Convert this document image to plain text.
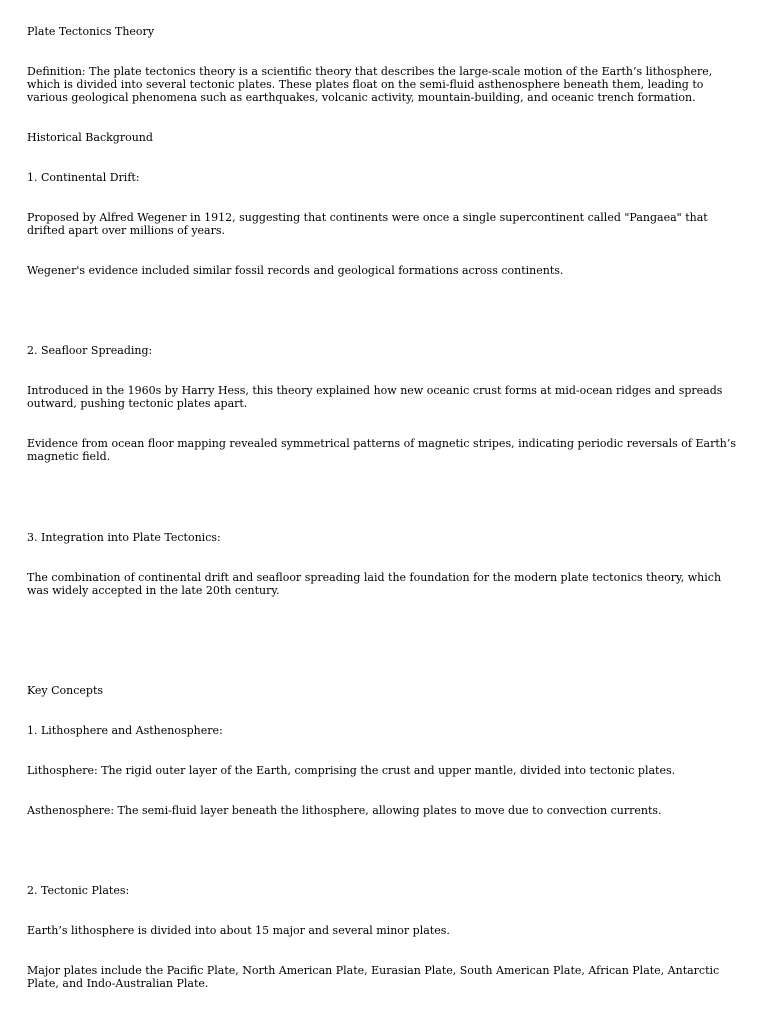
Plate Tectonics Theory

Definition: The plate tectonics theory is a scientific theory that describes the large-scale motion of the Earth’s lithosphere, which is divided into several tectonic plates. These plates float on the semi-fluid asthenosphere beneath them, leading to various geological phenomena such as earthquakes, volcanic activity, mountain-building, and oceanic trench formation.

Historical Background

1. Continental Drift:

Proposed by Alfred Wegener in 1912, suggesting that continents were once a single supercontinent called "Pangaea" that drifted apart over millions of years.

Wegener's evidence included similar fossil records and geological formations across continents.

2. Seafloor Spreading:

Introduced in the 1960s by Harry Hess, this theory explained how new oceanic crust forms at mid-ocean ridges and spreads outward, pushing tectonic plates apart.

Evidence from ocean floor mapping revealed symmetrical patterns of magnetic stripes, indicating periodic reversals of Earth’s magnetic field.

3. Integration into Plate Tectonics:

The combination of continental drift and seafloor spreading laid the foundation for the modern plate tectonics theory, which was widely accepted in the late 20th century.

Key Concepts

1. Lithosphere and Asthenosphere:

Lithosphere: The rigid outer layer of the Earth, comprising the crust and upper mantle, divided into tectonic plates.

Asthenosphere: The semi-fluid layer beneath the lithosphere, allowing plates to move due to convection currents.

2. Tectonic Plates:

Earth’s lithosphere is divided into about 15 major and several minor plates.

Major plates include the Pacific Plate, North American Plate, Eurasian Plate, South American Plate, African Plate, Antarctic Plate, and Indo-Australian Plate.
